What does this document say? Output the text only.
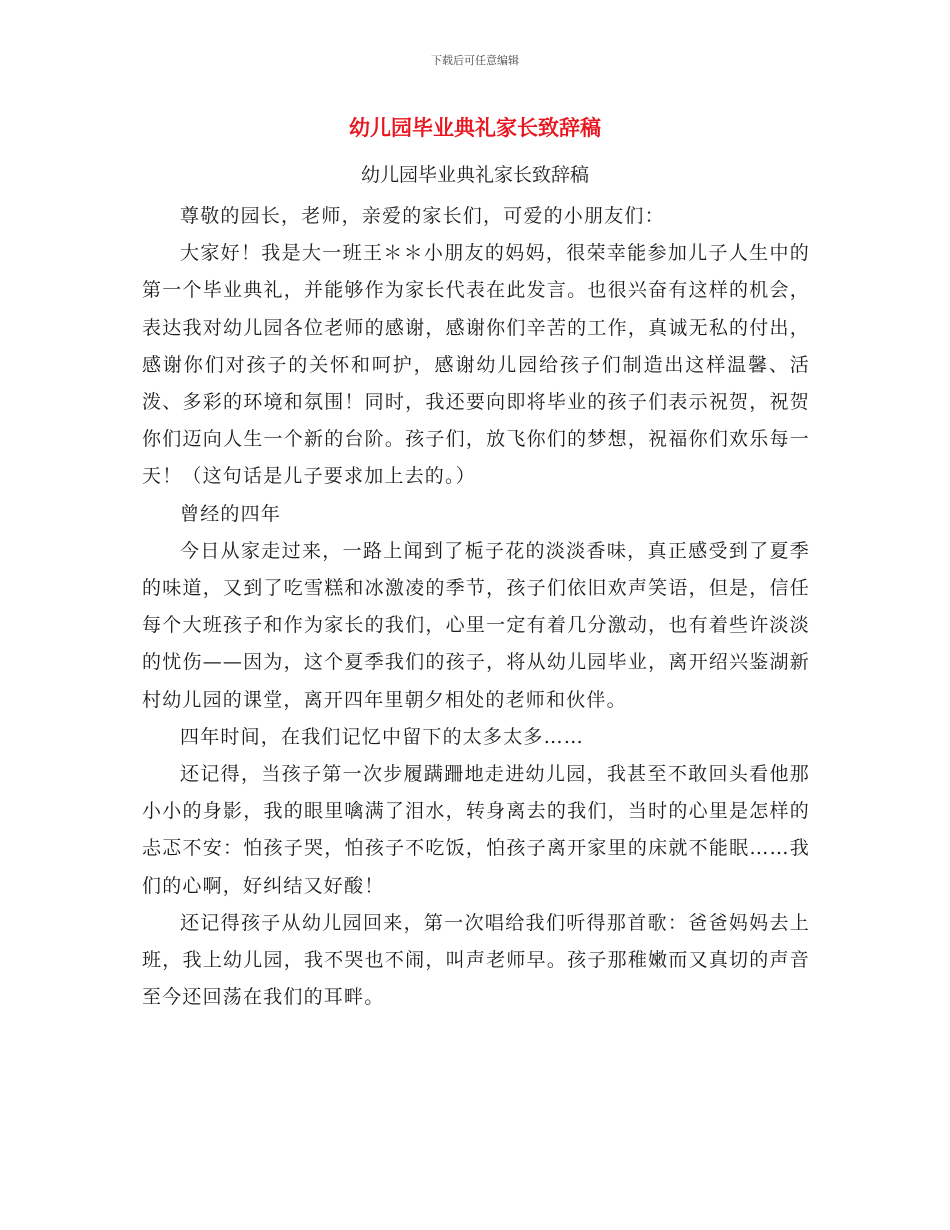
下载后可任意编辑
幼儿园毕业典礼家长致辞稿
幼儿园毕业典礼家长致辞稿

尊敬的园长，老师，亲爱的家长们，可爱的小朋友们：

大家好！我是大一班王＊＊小朋友的妈妈，很荣幸能参加儿子人生中的第一个毕业典礼，并能够作为家长代表在此发言。也很兴奋有这样的机会，表达我对幼儿园各位老师的感谢，感谢你们辛苦的工作，真诚无私的付出，感谢你们对孩子的关怀和呵护，感谢幼儿园给孩子们制造出这样温馨、活泼、多彩的环境和氛围！同时，我还要向即将毕业的孩子们表示祝贺，祝贺你们迈向人生一个新的台阶。孩子们，放飞你们的梦想，祝福你们欢乐每一天！（这句话是儿子要求加上去的。）

曾经的四年

今日从家走过来，一路上闻到了栀子花的淡淡香味，真正感受到了夏季的味道，又到了吃雪糕和冰激凌的季节，孩子们依旧欢声笑语，但是，信任每个大班孩子和作为家长的我们，心里一定有着几分激动，也有着些许淡淡的忧伤——因为，这个夏季我们的孩子，将从幼儿园毕业，离开绍兴鉴湖新村幼儿园的课堂，离开四年里朝夕相处的老师和伙伴。

四年时间，在我们记忆中留下的太多太多……

还记得，当孩子第一次步履蹒跚地走进幼儿园，我甚至不敢回头看他那小小的身影，我的眼里噙满了泪水，转身离去的我们，当时的心里是怎样的忐忑不安：怕孩子哭，怕孩子不吃饭，怕孩子离开家里的床就不能眠……我们的心啊，好纠结又好酸！

还记得孩子从幼儿园回来，第一次唱给我们听得那首歌：爸爸妈妈去上班，我上幼儿园，我不哭也不闹，叫声老师早。孩子那稚嫩而又真切的声音至今还回荡在我们的耳畔。
